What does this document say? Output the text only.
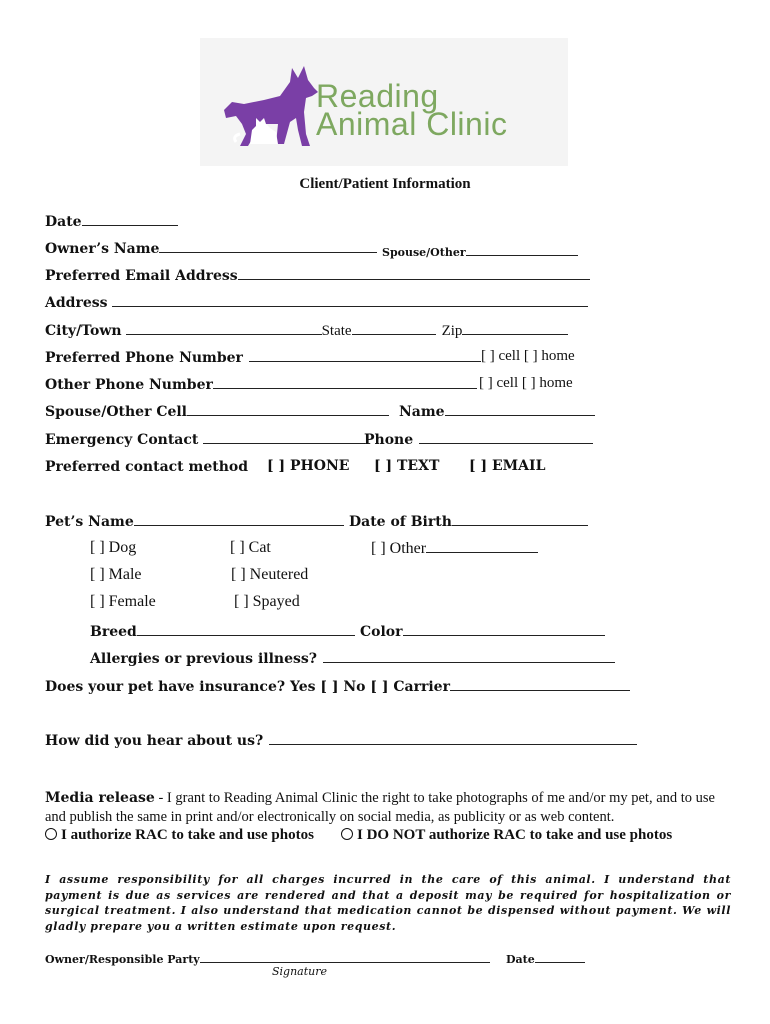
Reading
Animal Clinic
Client/Patient Information
Date
Owner’s Name	Spouse/Other
Preferred Email Address
Address
City/Town	State	Zip
Preferred Phone Number	[ ] cell [ ] home
Other Phone Number	[ ] cell [ ] home
Spouse/Other Cell	Name
Emergency Contact	Phone
Preferred contact method [ ] PHONE [ ] TEXT [ ] EMAIL
Pet’s Name	Date of Birth
[ ] Dog	[ ] Cat	[ ] Other
[ ] Male	[ ] Neutered
[ ] Female	[ ] Spayed
Breed	Color
Allergies or previous illness?
Does your pet have insurance? Yes [ ] No [ ] Carrier
How did you hear about us?
Media release - I grant to Reading Animal Clinic the right to take photographs of me and/or my pet, and to use and publish the same in print and/or electronically on social media, as publicity or as web content.
I authorize RAC to take and use photos	I DO NOT authorize RAC to take and use photos
I assume responsibility for all charges incurred in the care of this animal. I understand that payment is due as services are rendered and that a deposit may be required for hospitalization or surgical treatment. I also understand that medication cannot be dispensed without payment. We will gladly prepare you a written estimate upon request.
Owner/Responsible Party	Date
Signature
